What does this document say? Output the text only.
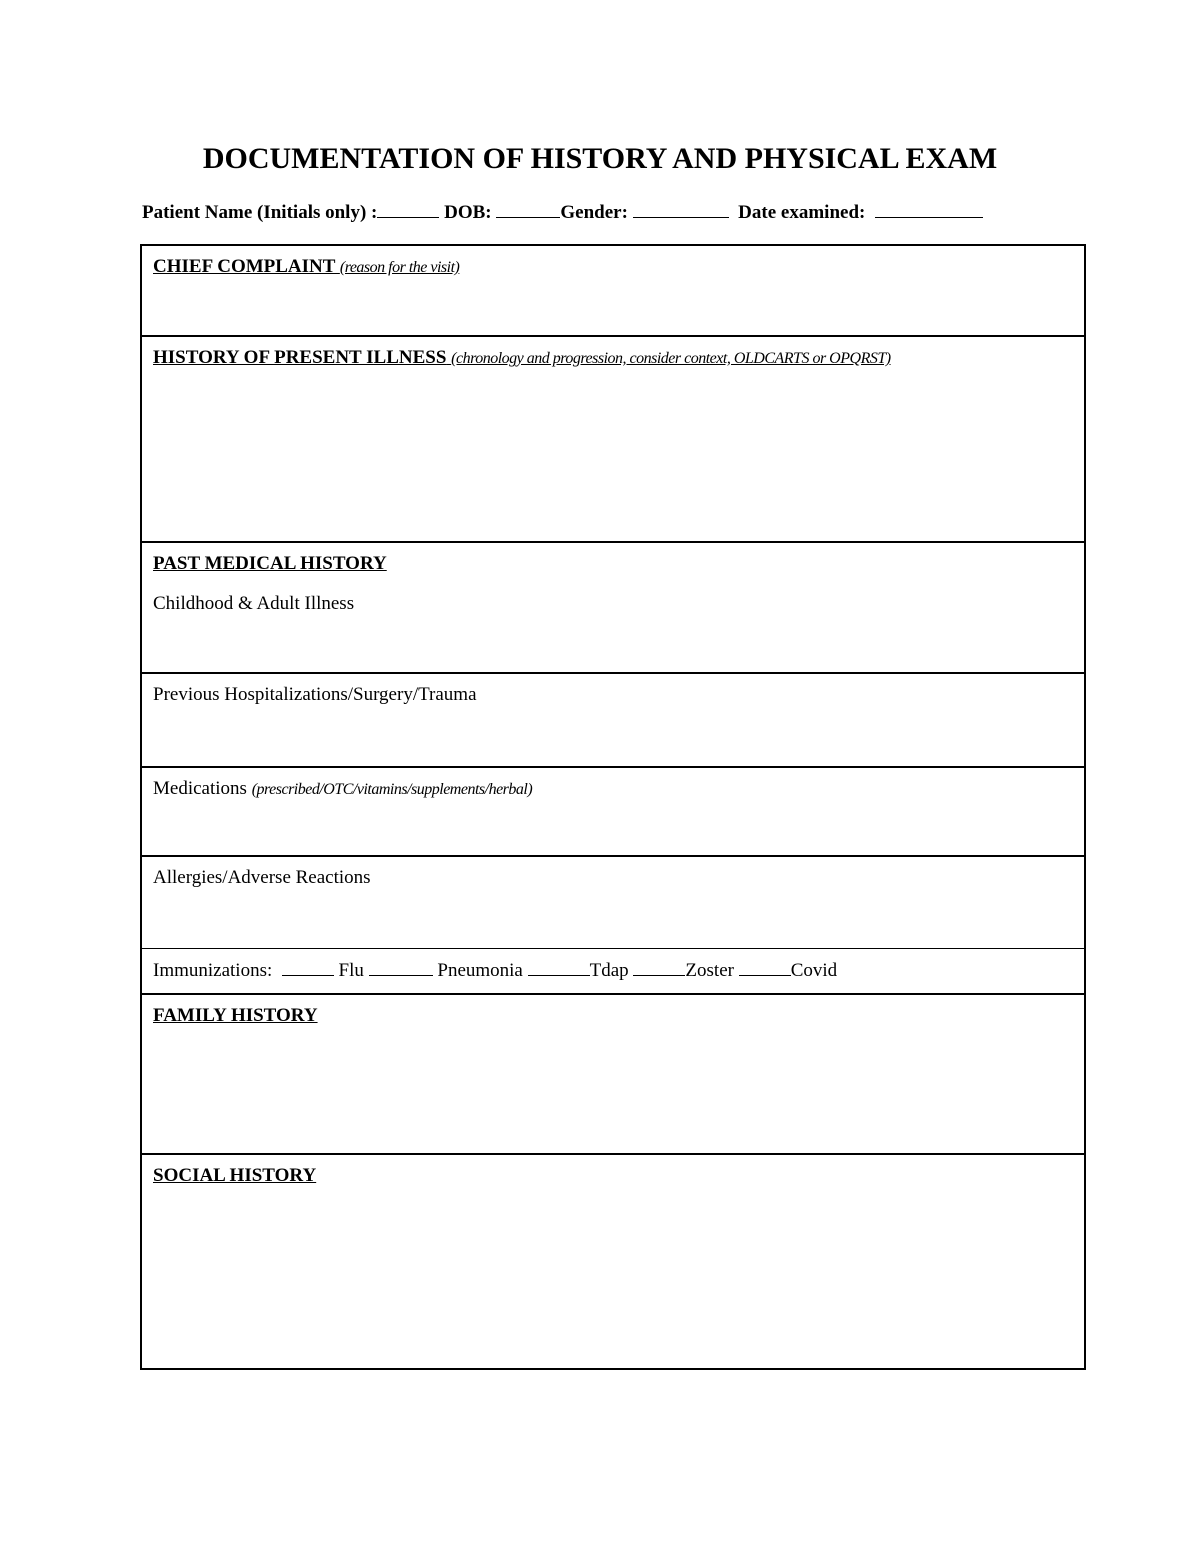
DOCUMENTATION OF HISTORY AND PHYSICAL EXAM
Patient Name (Initials only) :	DOB:	Gender:	Date examined:
CHIEF COMPLAINT (reason for the visit)
HISTORY OF PRESENT ILLNESS (chronology and progression, consider context, OLDCARTS or OPQRST)
PAST MEDICAL HISTORY
Childhood & Adult Illness
Previous Hospitalizations/Surgery/Trauma
Medications (prescribed/OTC/vitamins/supplements/herbal)
Allergies/Adverse Reactions
Immunizations:	Flu	Pneumonia	Tdap	Zoster	Covid
FAMILY HISTORY
SOCIAL HISTORY
